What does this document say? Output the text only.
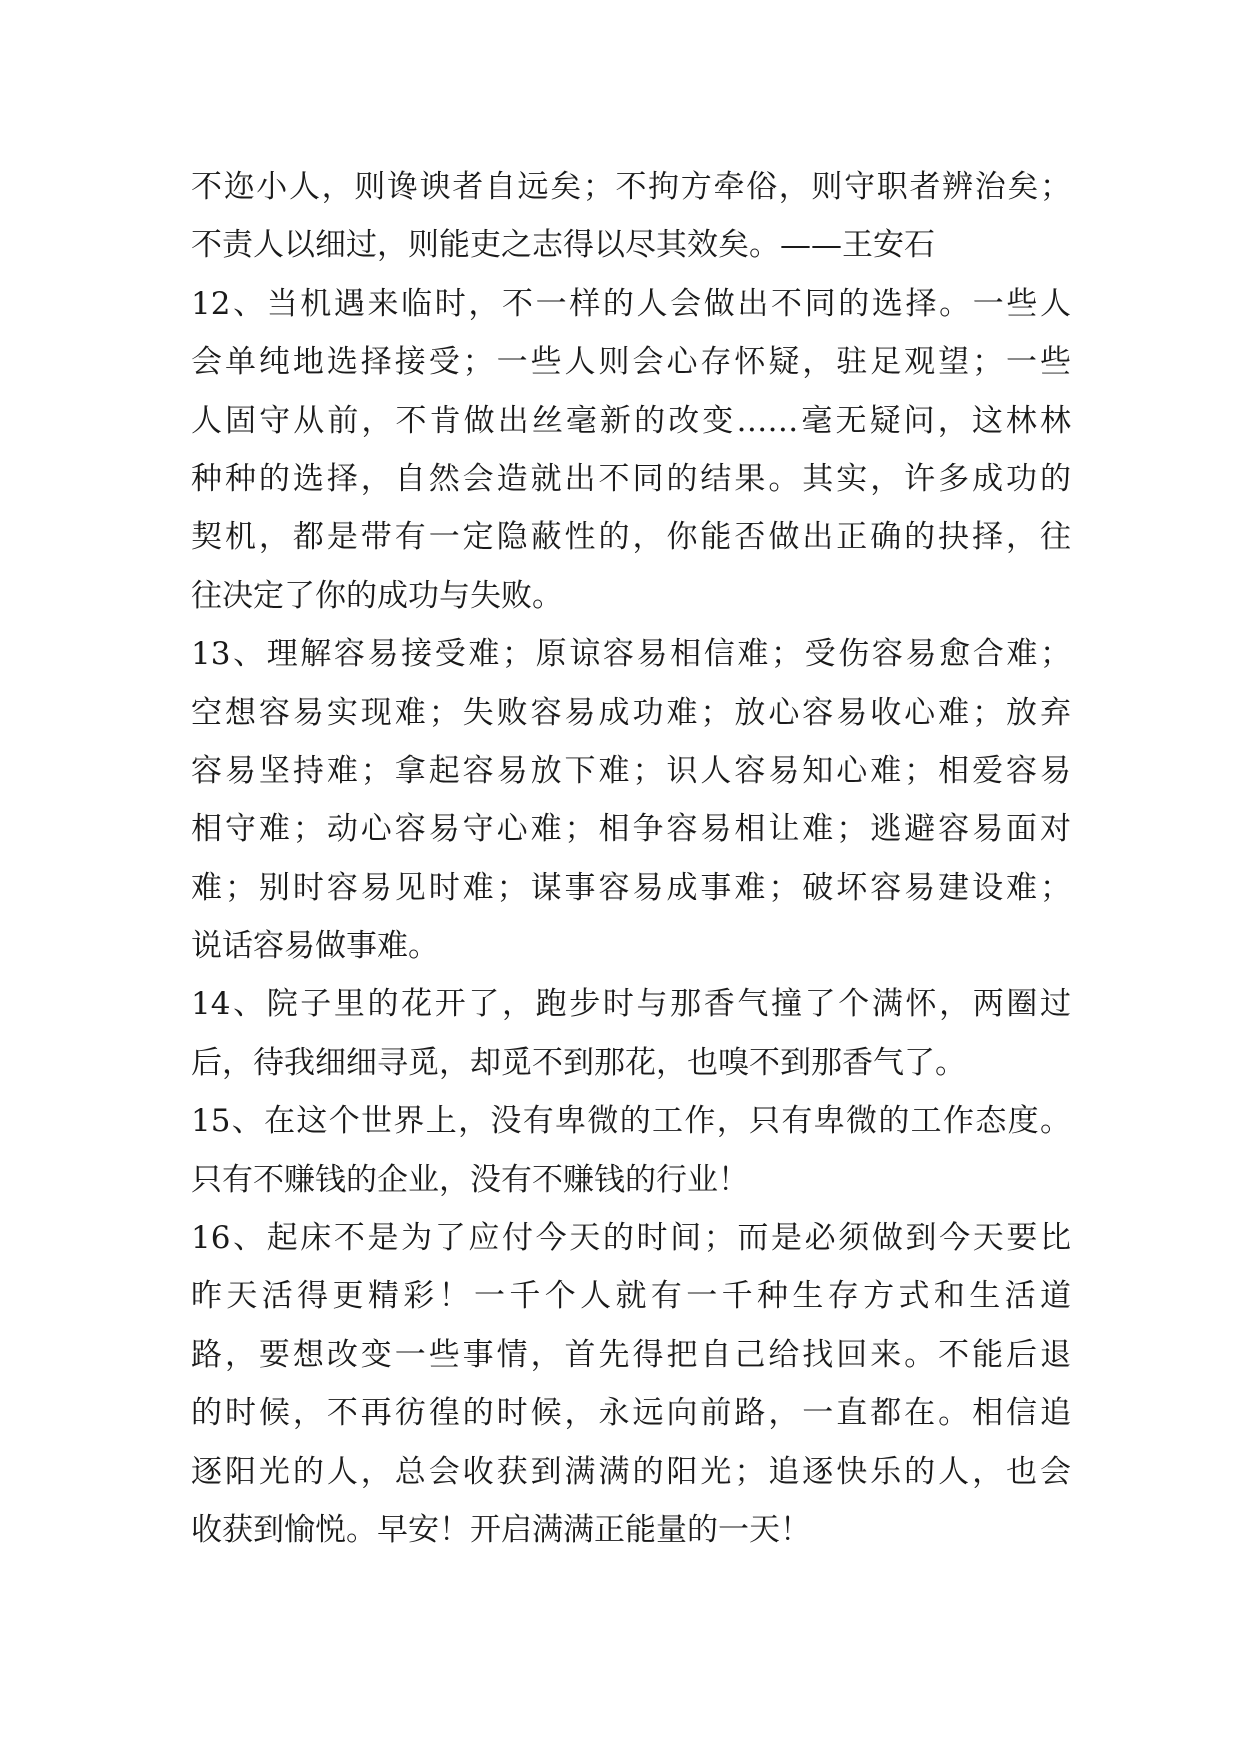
不迩小人，则谗谀者自远矣；不拘方牵俗，则守职者辨治矣；
不责人以细过，则能吏之志得以尽其效矣。——王安石
12、当机遇来临时，不一样的人会做出不同的选择。一些人
会单纯地选择接受；一些人则会心存怀疑，驻足观望；一些
人固守从前，不肯做出丝毫新的改变……毫无疑问，这林林
种种的选择，自然会造就出不同的结果。其实，许多成功的
契机，都是带有一定隐蔽性的，你能否做出正确的抉择，往
往决定了你的成功与失败。
13、理解容易接受难；原谅容易相信难；受伤容易愈合难；
空想容易实现难；失败容易成功难；放心容易收心难；放弃
容易坚持难；拿起容易放下难；识人容易知心难；相爱容易
相守难；动心容易守心难；相争容易相让难；逃避容易面对
难；别时容易见时难；谋事容易成事难；破坏容易建设难；
说话容易做事难。
14、院子里的花开了，跑步时与那香气撞了个满怀，两圈过
后，待我细细寻觅，却觅不到那花，也嗅不到那香气了。
15、在这个世界上，没有卑微的工作，只有卑微的工作态度。
只有不赚钱的企业，没有不赚钱的行业！
16、起床不是为了应付今天的时间；而是必须做到今天要比
昨天活得更精彩！一千个人就有一千种生存方式和生活道
路，要想改变一些事情，首先得把自己给找回来。不能后退
的时候，不再彷徨的时候，永远向前路，一直都在。相信追
逐阳光的人，总会收获到满满的阳光；追逐快乐的人，也会
收获到愉悦。早安！开启满满正能量的一天！
